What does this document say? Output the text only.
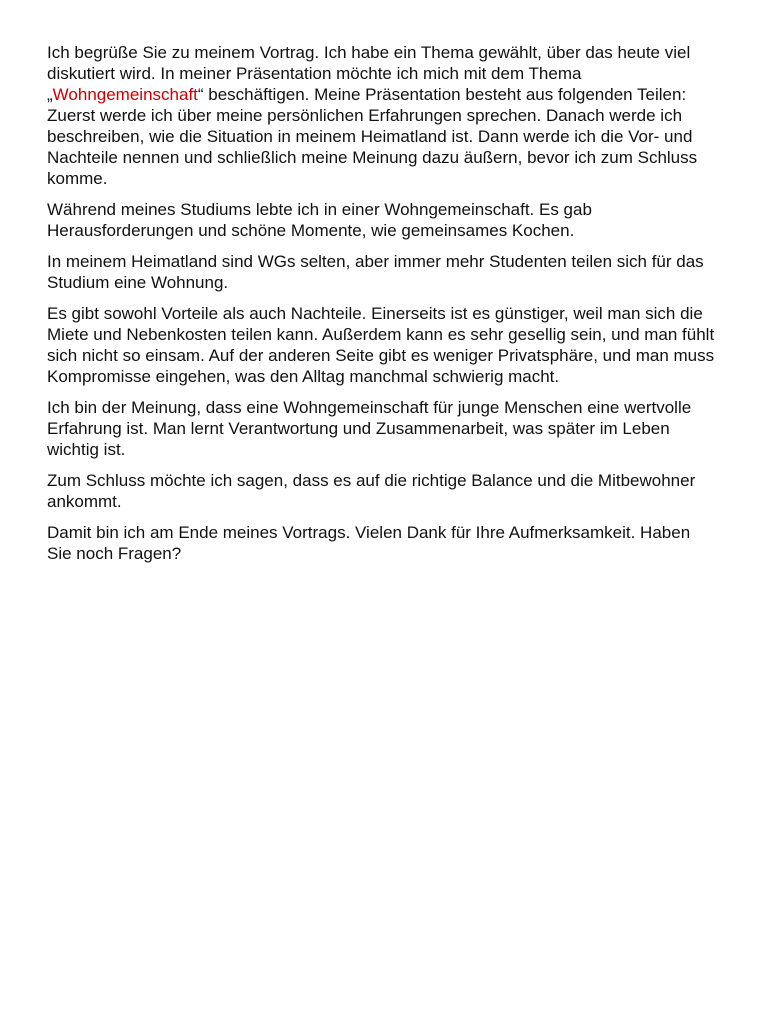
Ich begrüße Sie zu meinem Vortrag. Ich habe ein Thema gewählt, über das heute viel diskutiert wird. In meiner Präsentation möchte ich mich mit dem Thema „Wohngemeinschaft“ beschäftigen. Meine Präsentation besteht aus folgenden Teilen: Zuerst werde ich über meine persönlichen Erfahrungen sprechen. Danach werde ich beschreiben, wie die Situation in meinem Heimatland ist. Dann werde ich die Vor- und Nachteile nennen und schließlich meine Meinung dazu äußern, bevor ich zum Schluss komme.

Während meines Studiums lebte ich in einer Wohngemeinschaft. Es gab Herausforderungen und schöne Momente, wie gemeinsames Kochen.

In meinem Heimatland sind WGs selten, aber immer mehr Studenten teilen sich für das Studium eine Wohnung.

Es gibt sowohl Vorteile als auch Nachteile. Einerseits ist es günstiger, weil man sich die Miete und Nebenkosten teilen kann. Außerdem kann es sehr gesellig sein, und man fühlt sich nicht so einsam. Auf der anderen Seite gibt es weniger Privatsphäre, und man muss Kompromisse eingehen, was den Alltag manchmal schwierig macht.

Ich bin der Meinung, dass eine Wohngemeinschaft für junge Menschen eine wertvolle Erfahrung ist. Man lernt Verantwortung und Zusammenarbeit, was später im Leben wichtig ist.

Zum Schluss möchte ich sagen, dass es auf die richtige Balance und die Mitbewohner ankommt.

Damit bin ich am Ende meines Vortrags. Vielen Dank für Ihre Aufmerksamkeit. Haben Sie noch Fragen?
